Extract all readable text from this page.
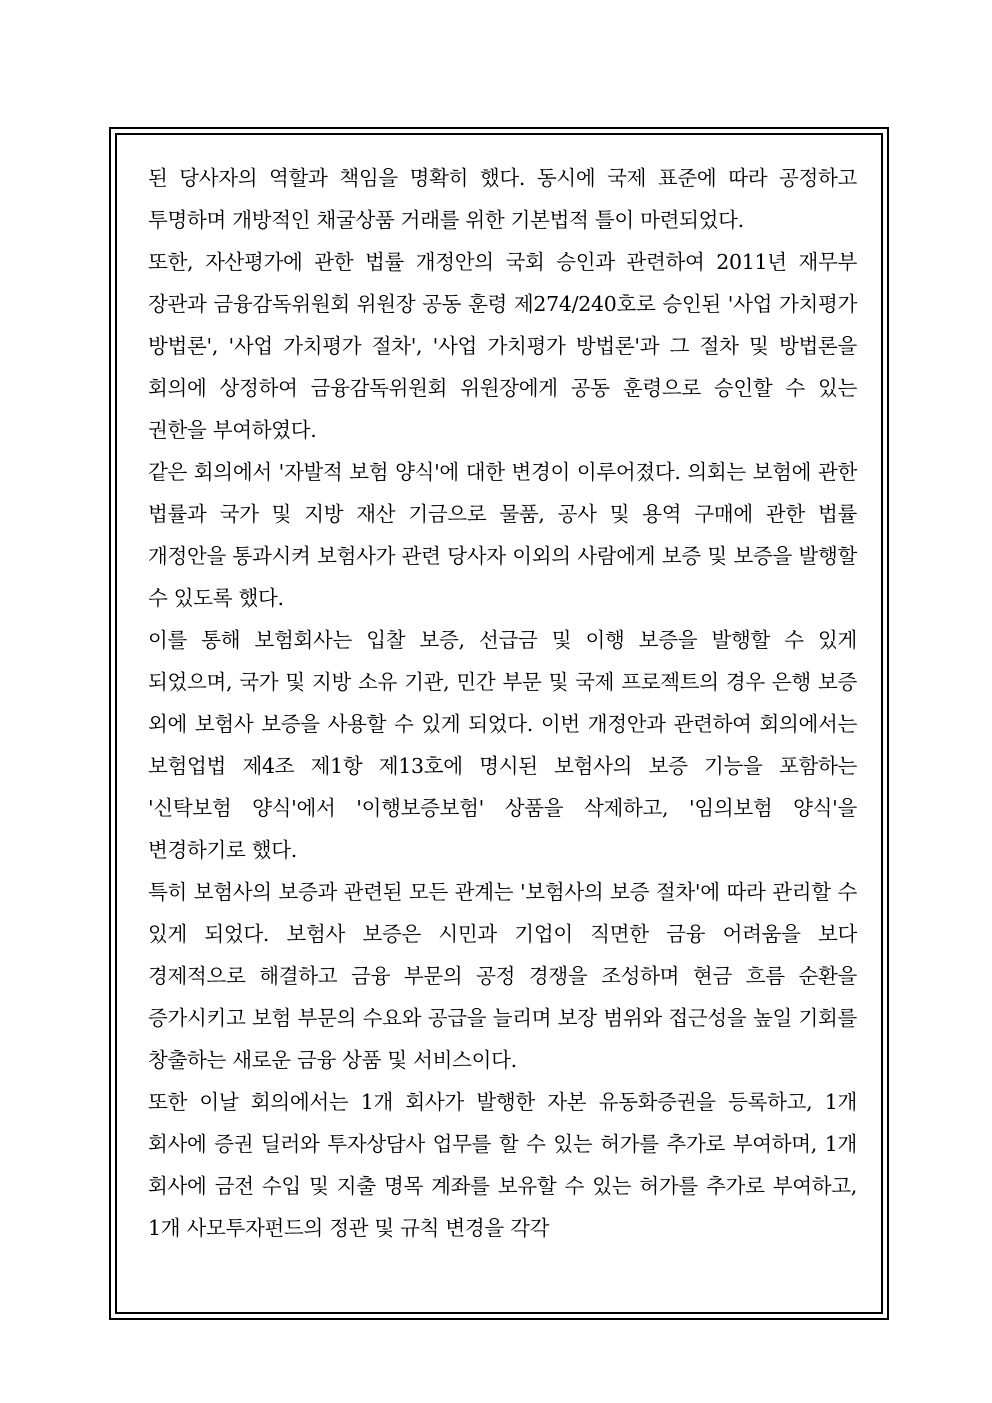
된 당사자의 역할과 책임을 명확히 했다. 동시에 국제 표준에 따라 공정하고 투명하며 개방적인 채굴상품 거래를 위한 기본법적 틀이 마련되었다.

또한, 자산평가에 관한 법률 개정안의 국회 승인과 관련하여 2011년 재무부 장관과 금융감독위원회 위원장 공동 훈령 제274/240호로 승인된 '사업 가치평가 방법론', '사업 가치평가 절차', '사업 가치평가 방법론'과 그 절차 및 방법론을 회의에 상정하여 금융감독위원회 위원장에게 공동 훈령으로 승인할 수 있는 권한을 부여하였다.

같은 회의에서 '자발적 보험 양식'에 대한 변경이 이루어졌다. 의회는 보험에 관한 법률과 국가 및 지방 재산 기금으로 물품, 공사 및 용역 구매에 관한 법률 개정안을 통과시켜 보험사가 관련 당사자 이외의 사람에게 보증 및 보증을 발행할 수 있도록 했다.

이를 통해 보험회사는 입찰 보증, 선급금 및 이행 보증을 발행할 수 있게 되었으며, 국가 및 지방 소유 기관, 민간 부문 및 국제 프로젝트의 경우 은행 보증 외에 보험사 보증을 사용할 수 있게 되었다. 이번 개정안과 관련하여 회의에서는 보험업법 제4조 제1항 제13호에 명시된 보험사의 보증 기능을 포함하는 '신탁보험 양식'에서 '이행보증보험' 상품을 삭제하고, '임의보험 양식'을 변경하기로 했다.

특히 보험사의 보증과 관련된 모든 관계는 '보험사의 보증 절차'에 따라 관리할 수 있게 되었다. 보험사 보증은 시민과 기업이 직면한 금융 어려움을 보다 경제적으로 해결하고 금융 부문의 공정 경쟁을 조성하며 현금 흐름 순환을 증가시키고 보험 부문의 수요와 공급을 늘리며 보장 범위와 접근성을 높일 기회를 창출하는 새로운 금융 상품 및 서비스이다.

또한 이날 회의에서는 1개 회사가 발행한 자본 유동화증권을 등록하고, 1개 회사에 증권 딜러와 투자상담사 업무를 할 수 있는 허가를 추가로 부여하며, 1개 회사에 금전 수입 및 지출 명목 계좌를 보유할 수 있는 허가를 추가로 부여하고, 1개 사모투자펀드의 정관 및 규칙 변경을 각각
